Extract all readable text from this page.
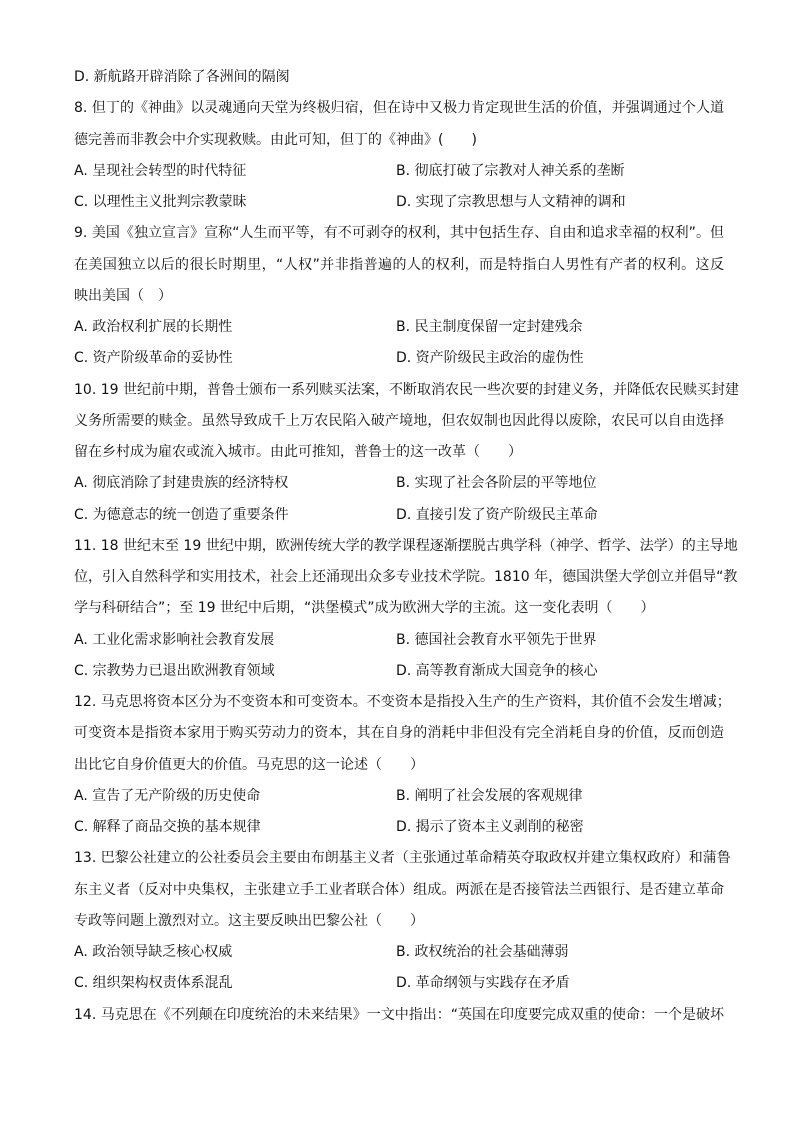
D. 新航路开辟消除了各洲间的隔阂
8. 但丁的《神曲》以灵魂通向天堂为终极归宿，但在诗中又极力肯定现世生活的价值，并强调通过个人道
德完善而非教会中介实现救赎。由此可知，但丁的《神曲》(　　)
A. 呈现社会转型的时代特征	B. 彻底打破了宗教对人神关系的垄断
C. 以理性主义批判宗教蒙昧	D. 实现了宗教思想与人文精神的调和
9. 美国《独立宣言》宣称“人生而平等，有不可剥夺的权利，其中包括生存、自由和追求幸福的权利”。但
在美国独立以后的很长时期里，“人权”并非指普遍的人的权利，而是特指白人男性有产者的权利。这反
映出美国（　）
A. 政治权利扩展的长期性	B. 民主制度保留一定封建残余
C. 资产阶级革命的妥协性	D. 资产阶级民主政治的虚伪性
10. 19 世纪前中期，普鲁士颁布一系列赎买法案，不断取消农民一些次要的封建义务，并降低农民赎买封建
义务所需要的赎金。虽然导致成千上万农民陷入破产境地，但农奴制也因此得以废除，农民可以自由选择
留在乡村成为雇农或流入城市。由此可推知，普鲁士的这一改革（　　）
A. 彻底消除了封建贵族的经济特权	B. 实现了社会各阶层的平等地位
C. 为德意志的统一创造了重要条件	D. 直接引发了资产阶级民主革命
11. 18 世纪末至 19 世纪中期，欧洲传统大学的教学课程逐渐摆脱古典学科（神学、哲学、法学）的主导地
位，引入自然科学和实用技术，社会上还涌现出众多专业技术学院。1810 年，德国洪堡大学创立并倡导“教
学与科研结合”；至 19 世纪中后期，“洪堡模式”成为欧洲大学的主流。这一变化表明（　　）
A. 工业化需求影响社会教育发展	B. 德国社会教育水平领先于世界
C. 宗教势力已退出欧洲教育领域	D. 高等教育渐成大国竞争的核心
12. 马克思将资本区分为不变资本和可变资本。不变资本是指投入生产的生产资料，其价值不会发生增减；
可变资本是指资本家用于购买劳动力的资本，其在自身的消耗中非但没有完全消耗自身的价值，反而创造
出比它自身价值更大的价值。马克思的这一论述（　　）
A. 宣告了无产阶级的历史使命	B. 阐明了社会发展的客观规律
C. 解释了商品交换的基本规律	D. 揭示了资本主义剥削的秘密
13. 巴黎公社建立的公社委员会主要由布朗基主义者（主张通过革命精英夺取政权并建立集权政府）和蒲鲁
东主义者（反对中央集权，主张建立手工业者联合体）组成。两派在是否接管法兰西银行、是否建立革命
专政等问题上激烈对立。这主要反映出巴黎公社（　　）
A. 政治领导缺乏核心权威	B. 政权统治的社会基础薄弱
C. 组织架构权责体系混乱	D. 革命纲领与实践存在矛盾
14. 马克思在《不列颠在印度统治的未来结果》一文中指出：“英国在印度要完成双重的使命：一个是破坏
